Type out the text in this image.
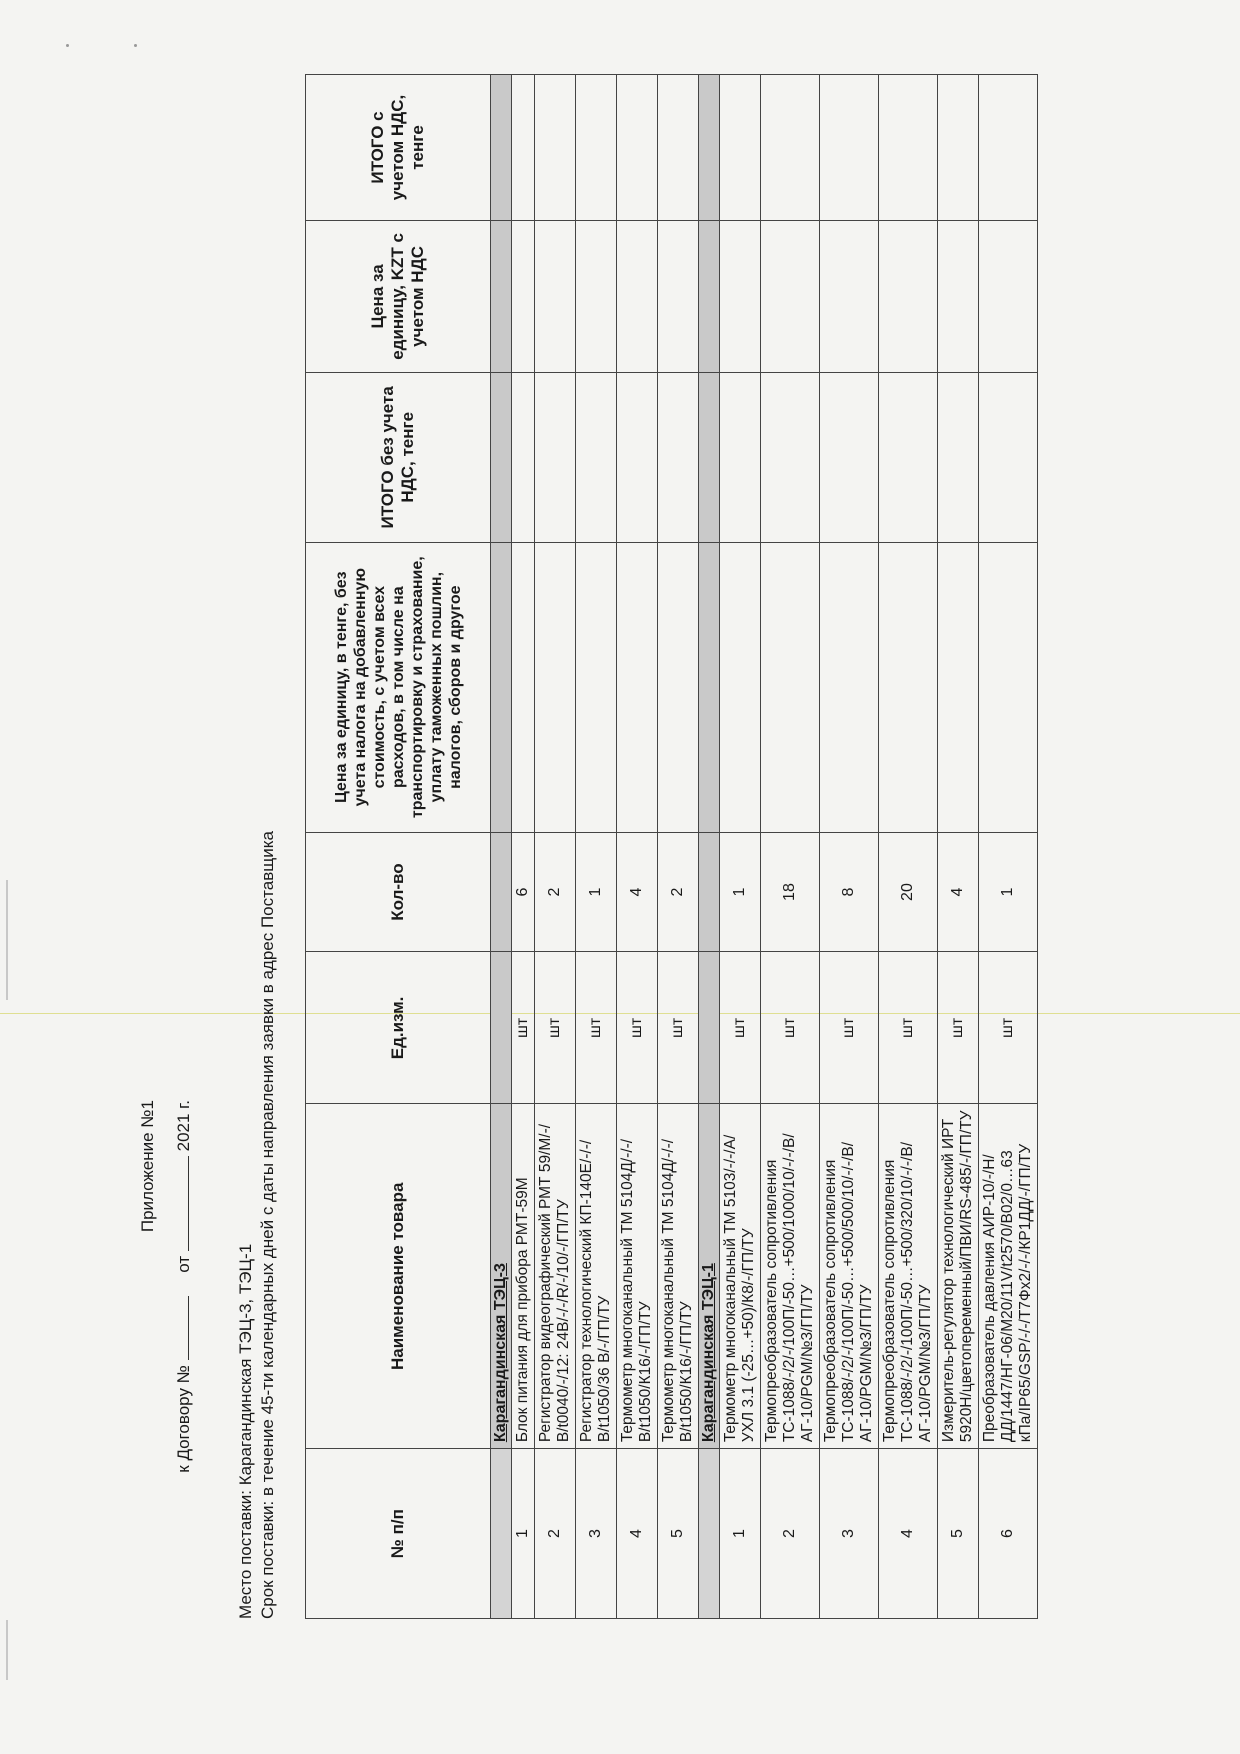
Приложение №1
к Договору №      от  2021 г.
Место поставки: Карагандинская ТЭЦ-3, ТЭЦ-1 Срок поставки: в течение 45-ти календарных дней с даты направления заявки в адрес Поставщика	№ п/п	Наименование товара	Ед.изм.	Кол-во	Цена за единицу, в тенге, без учета налога на добавленную стоимость, с учетом всех расходов, в том числе на транспортировку и страхование, уплату таможенных пошлин, налогов, сборов и другое	ИТОГО без учета НДС, тенге	Цена за единицу, KZT с учетом НДС	ИТОГО с учетом НДС, тенге
	Карагандинская ТЭЦ-3						
1	Блок питания для прибора РМТ-59М	шт	6				
2	Регистратор видеографический РМТ 59/М/-/В/t0040/-/12: 24В/-/-/R/-/10/-/ГП/ТУ	шт	2				
3	Регистратор технологический КП-140Е/-/-/В/t1050/36 В/-/ГП/ТУ	шт	1				
4	Термометр многоканальный ТМ 5104Д/-/-/В/t1050/К16/-/ГП/ТУ	шт	4				
5	Термометр многоканальный ТМ 5104Д/-/-/В/t1050/К16/-/ГП/ТУ	шт	2				
	Карагандинская ТЭЦ-1						
1	Термометр многоканальный ТМ 5103/-/-/А/УХЛ 3.1 (-25…+50)/К8/-/ГП/ТУ	шт	1				
2	Термопреобразователь сопротивления ТС-1088/-/2/-/100П/-50…+500/1000/10/-/-/В/АГ-10/PGM/№3/ГП/ТУ	шт	18				
3	Термопреобразователь сопротивления ТС-1088/-/2/-/100П/-50…+500/500/10/-/-/В/АГ-10/PGM/№3/ГП/ТУ	шт	8				
4	Термопреобразователь сопротивления ТС-1088/-/2/-/100П/-50…+500/320/10/-/-/В/АГ-10/PGM/№3/ГП/ТУ	шт	20				
5	Измеритель-регулятор технологический ИРТ 5920Н/цветопеременный/ПВИ/RS-485/-/ГП/ТУ	шт	4				
6	Преобразователь давления АИР-10/-/Н/ДД/1447/НГ-06/М20/11V/t2570/В02/0…63 кПа/IP65/GSP/-/-/Т7Фх2/-/-/КР1ДД/-/ГП/ТУ	шт	1				
